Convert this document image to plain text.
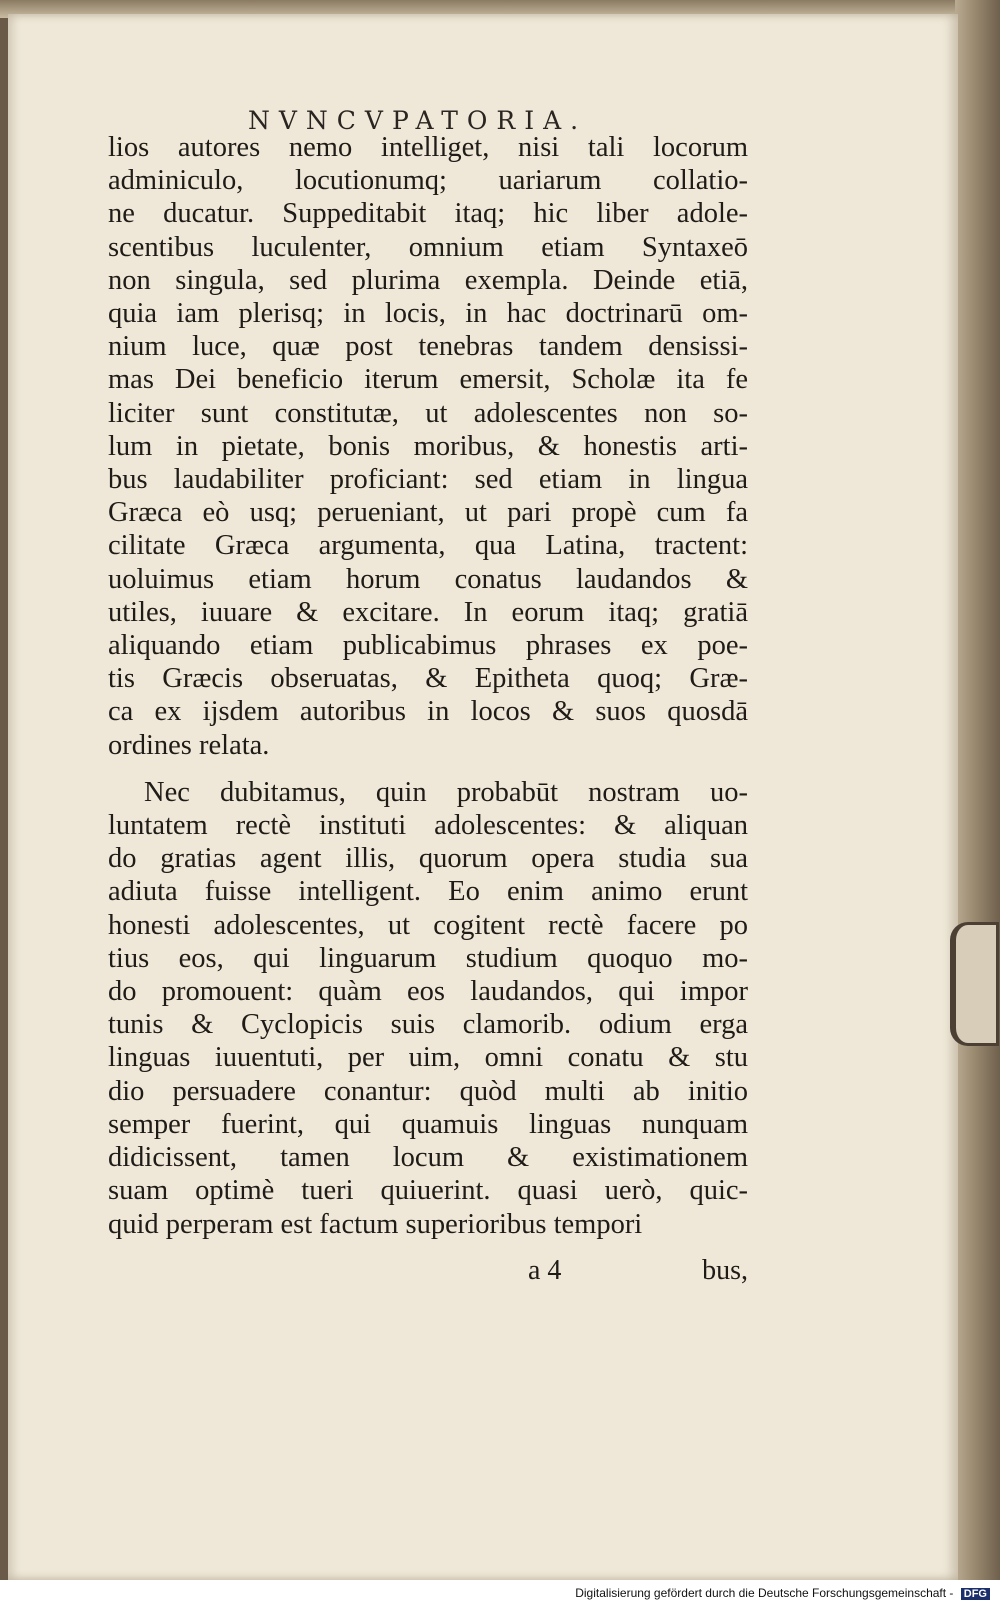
NVNCVPATORIA.
lios autores nemo intelliget, nisi tali locorum
adminiculo, locutionumq; uariarum collatio-
ne ducatur. Suppeditabit itaq; hic liber adole-
scentibus luculenter, omnium etiam Syntaxeō
non singula, sed plurima exempla. Deinde etiā,
quia iam plerisq; in locis, in hac doctrinarū om-
nium luce, quæ post tenebras tandem densissi-
mas Dei beneficio iterum emersit, Scholæ ita fe
liciter sunt constitutæ, ut adolescentes non so-
lum in pietate, bonis moribus, & honestis arti-
bus laudabiliter proficiant: sed etiam in lingua
Græca eò usq; perueniant, ut pari propè cum fa
cilitate Græca argumenta, qua Latina, tractent:
uoluimus etiam horum conatus laudandos &
utiles, iuuare & excitare. In eorum itaq; gratiā
aliquando etiam publicabimus phrases ex poe-
tis Græcis obseruatas, & Epitheta quoq; Græ-
ca ex ijsdem autoribus in locos & suos quosdā
ordines relata.
Nec dubitamus, quin probabūt nostram uo-
luntatem rectè instituti adolescentes: & aliquan
do gratias agent illis, quorum opera studia sua
adiuta fuisse intelligent. Eo enim animo erunt
honesti adolescentes, ut cogitent rectè facere po
tius eos, qui linguarum studium quoquo mo-
do promouent: quàm eos laudandos, qui impor
tunis & Cyclopicis suis clamorib. odium erga
linguas iuuentuti, per uim, omni conatu & stu
dio persuadere conantur: quòd multi ab initio
semper fuerint, qui quamuis linguas nunquam
didicissent, tamen locum & existimationem
suam optimè tueri quiuerint. quasi uerò, quic-
quid perperam est factum superioribus tempori
a 4	bus,
Digitalisierung gefördert durch die Deutsche Forschungsgemeinschaft - DFG
